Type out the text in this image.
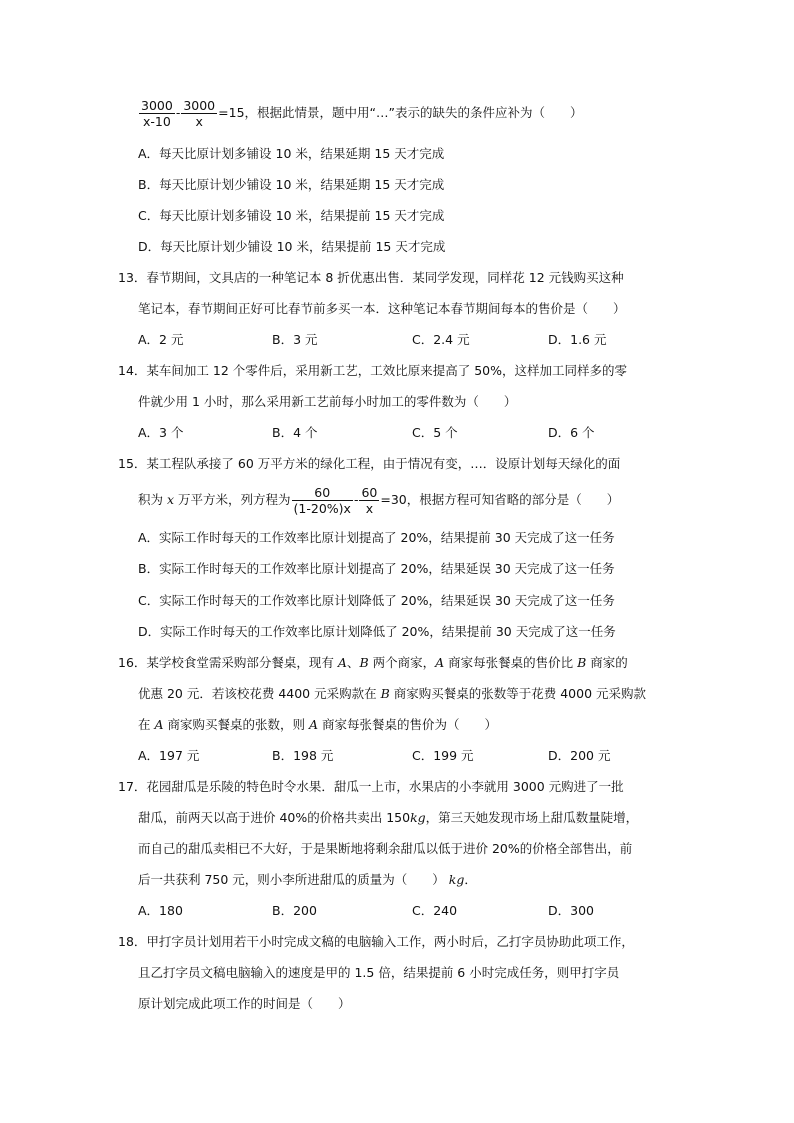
$\frac{3000}{x-10} - \frac{3000}{x} =15$，根据此情景，题中用“…”表示的缺失的条件应补为（　　）
A．每天比原计划多铺设 10 米，结果延期 15 天才完成
B．每天比原计划少铺设 10 米，结果延期 15 天才完成
C．每天比原计划多铺设 10 米，结果提前 15 天才完成
D．每天比原计划少铺设 10 米，结果提前 15 天才完成
13．春节期间，文具店的一种笔记本 8 折优惠出售．某同学发现，同样花 12 元钱购买这种
笔记本，春节期间正好可比春节前多买一本．这种笔记本春节期间每本的售价是（　　）
A．2 元	B．3 元	C．2.4 元	D．1.6 元
14．某车间加工 12 个零件后，采用新工艺，工效比原来提高了 50%，这样加工同样多的零
件就少用 1 小时，那么采用新工艺前每小时加工的零件数为（　　）
A．3 个	B．4 个	C．5 个	D．6 个
15．某工程队承接了 60 万平方米的绿化工程，由于情况有变，…．设原计划每天绿化的面
积为 x 万平方米，列方程为 $\frac{60}{(1-20\%)x} - \frac{60}{x} =30$，根据方程可知省略的部分是（　　）
A．实际工作时每天的工作效率比原计划提高了 20%，结果提前 30 天完成了这一任务
B．实际工作时每天的工作效率比原计划提高了 20%，结果延误 30 天完成了这一任务
C．实际工作时每天的工作效率比原计划降低了 20%，结果延误 30 天完成了这一任务
D．实际工作时每天的工作效率比原计划降低了 20%，结果提前 30 天完成了这一任务
16．某学校食堂需采购部分餐桌，现有 A、B 两个商家，A 商家每张餐桌的售价比 B 商家的
优惠 20 元．若该校花费 4400 元采购款在 B 商家购买餐桌的张数等于花费 4000 元采购款
在 A 商家购买餐桌的张数，则 A 商家每张餐桌的售价为（　　）
A．197 元	B．198 元	C．199 元	D．200 元
17．花园甜瓜是乐陵的特色时令水果．甜瓜一上市，水果店的小李就用 3000 元购进了一批
甜瓜，前两天以高于进价 40%的价格共卖出 150kg，第三天她发现市场上甜瓜数量陡增，
而自己的甜瓜卖相已不大好，于是果断地将剩余甜瓜以低于进价 20%的价格全部售出，前
后一共获利 750 元，则小李所进甜瓜的质量为（　　） kg．
A．180	B．200	C．240	D．300
18．甲打字员计划用若干小时完成文稿的电脑输入工作，两小时后，乙打字员协助此项工作，
且乙打字员文稿电脑输入的速度是甲的 1.5 倍，结果提前 6 小时完成任务，则甲打字员
原计划完成此项工作的时间是（　　）
